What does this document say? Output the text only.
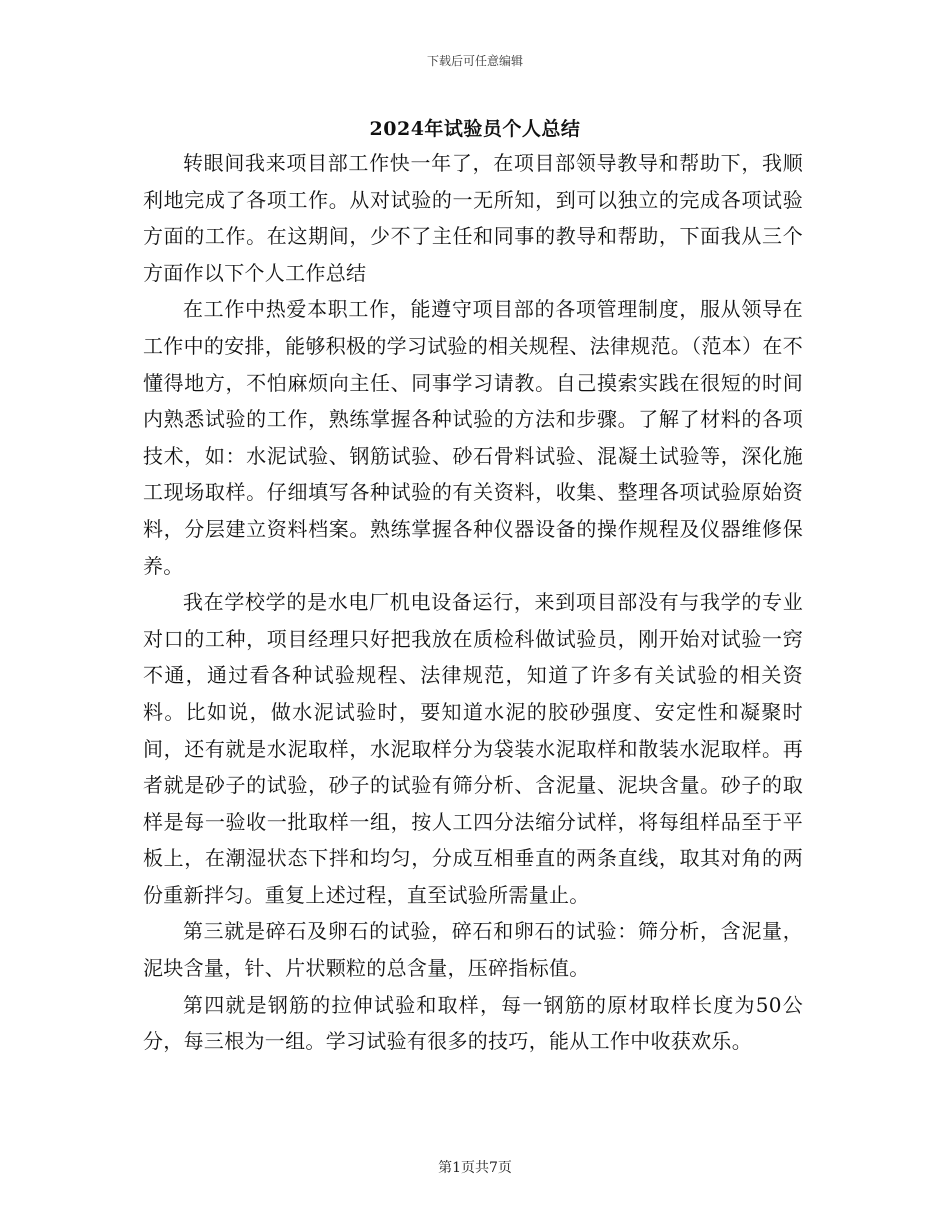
下载后可任意编辑
2024年试验员个人总结

转眼间我来项目部工作快一年了，在项目部领导教导和帮助下，我顺利地完成了各项工作。从对试验的一无所知，到可以独立的完成各项试验方面的工作。在这期间，少不了主任和同事的教导和帮助，下面我从三个方面作以下个人工作总结

在工作中热爱本职工作，能遵守项目部的各项管理制度，服从领导在工作中的安排，能够积极的学习试验的相关规程、法律规范。（范本）在不懂得地方，不怕麻烦向主任、同事学习请教。自己摸索实践在很短的时间内熟悉试验的工作，熟练掌握各种试验的方法和步骤。了解了材料的各项技术，如：水泥试验、钢筋试验、砂石骨料试验、混凝土试验等，深化施工现场取样。仔细填写各种试验的有关资料，收集、整理各项试验原始资料，分层建立资料档案。熟练掌握各种仪器设备的操作规程及仪器维修保养。

我在学校学的是水电厂机电设备运行，来到项目部没有与我学的专业对口的工种，项目经理只好把我放在质检科做试验员，刚开始对试验一窍不通，通过看各种试验规程、法律规范，知道了许多有关试验的相关资料。比如说，做水泥试验时，要知道水泥的胶砂强度、安定性和凝聚时间，还有就是水泥取样，水泥取样分为袋装水泥取样和散装水泥取样。再者就是砂子的试验，砂子的试验有筛分析、含泥量、泥块含量。砂子的取样是每一验收一批取样一组，按人工四分法缩分试样，将每组样品至于平板上，在潮湿状态下拌和均匀，分成互相垂直的两条直线，取其对角的两份重新拌匀。重复上述过程，直至试验所需量止。

第三就是碎石及卵石的试验，碎石和卵石的试验：筛分析，含泥量，泥块含量，针、片状颗粒的总含量，压碎指标值。

第四就是钢筋的拉伸试验和取样，每一钢筋的原材取样长度为50公分，每三根为一组。学习试验有很多的技巧，能从工作中收获欢乐。

第1页共7页
